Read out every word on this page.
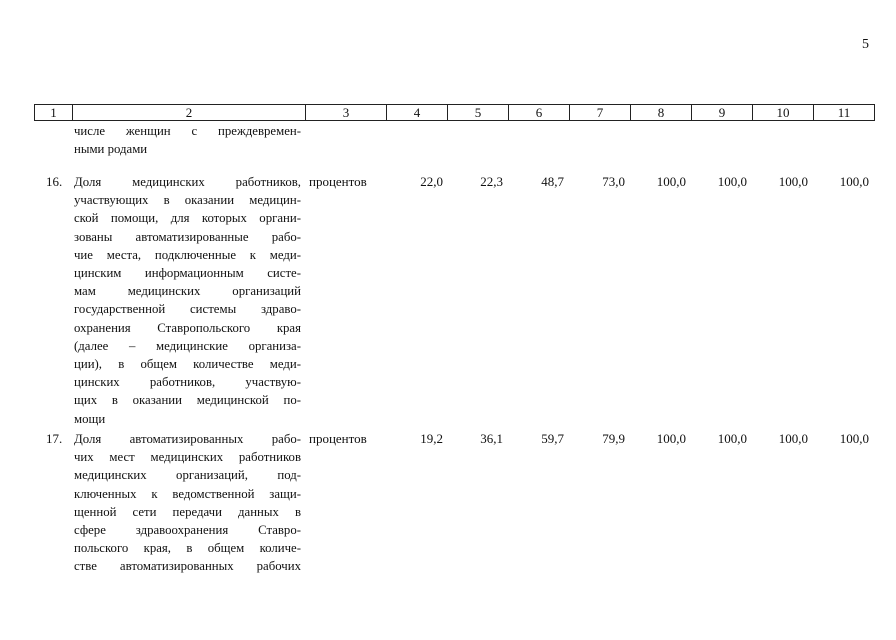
5
1	2	3	4	5	6	7	8	9	10	11
числе женщин с преждевремен-
ными родами
16. Доля медицинских работников,
участвующих в оказании медицин-
ской помощи, для которых органи-
зованы автоматизированные рабо-
чие места, подключенные к меди-
цинским информационным систе-
мам медицинских организаций
государственной системы здраво-
охранения Ставропольского края
(далее – медицинские организа-
ции), в общем количестве меди-
цинских работников, участвую-
щих в оказании медицинской по-
мощи
процентов	22,0	22,3	48,7	73,0	100,0	100,0	100,0	100,0
17. Доля автоматизированных рабо-
чих мест медицинских работников
медицинских организаций, под-
ключенных к ведомственной защи-
щенной сети передачи данных в
сфере здравоохранения Ставро-
польского края, в общем количе-
стве автоматизированных рабочих
процентов	19,2	36,1	59,7	79,9	100,0	100,0	100,0	100,0
